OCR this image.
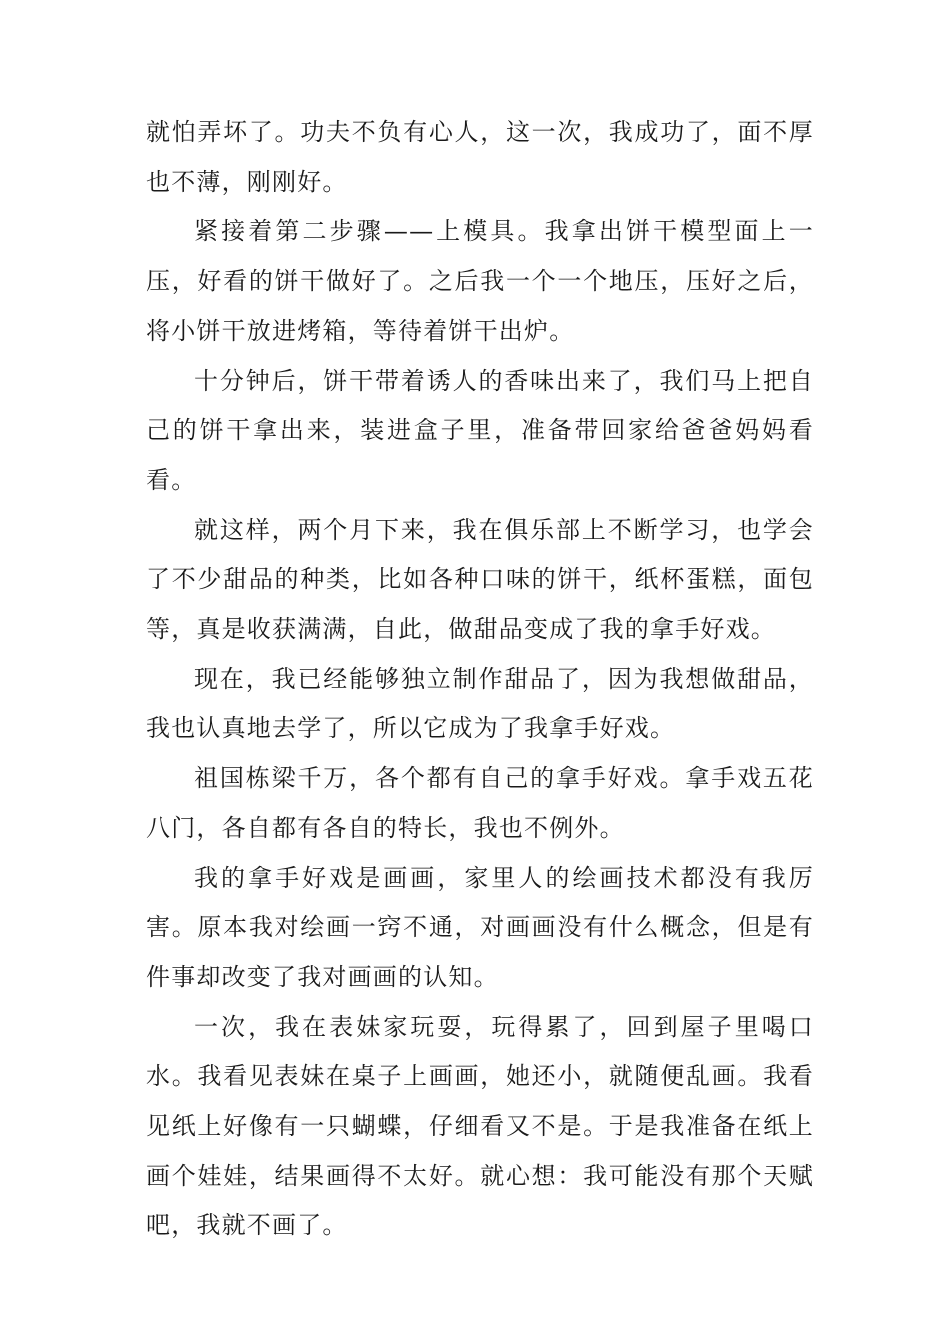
就怕弄坏了。功夫不负有心人，这一次，我成功了，面不厚也不薄，刚刚好。

紧接着第二步骤——上模具。我拿出饼干模型面上一压，好看的饼干做好了。之后我一个一个地压，压好之后，将小饼干放进烤箱，等待着饼干出炉。

十分钟后，饼干带着诱人的香味出来了，我们马上把自己的饼干拿出来，装进盒子里，准备带回家给爸爸妈妈看看。

就这样，两个月下来，我在俱乐部上不断学习，也学会了不少甜品的种类，比如各种口味的饼干，纸杯蛋糕，面包等，真是收获满满，自此，做甜品变成了我的拿手好戏。

现在，我已经能够独立制作甜品了，因为我想做甜品，我也认真地去学了，所以它成为了我拿手好戏。

祖国栋梁千万，各个都有自己的拿手好戏。拿手戏五花八门，各自都有各自的特长，我也不例外。

我的拿手好戏是画画，家里人的绘画技术都没有我厉害。原本我对绘画一窍不通，对画画没有什么概念，但是有件事却改变了我对画画的认知。

一次，我在表妹家玩耍，玩得累了，回到屋子里喝口水。我看见表妹在桌子上画画，她还小，就随便乱画。我看见纸上好像有一只蝴蝶，仔细看又不是。于是我准备在纸上画个娃娃，结果画得不太好。就心想：我可能没有那个天赋吧，我就不画了。
